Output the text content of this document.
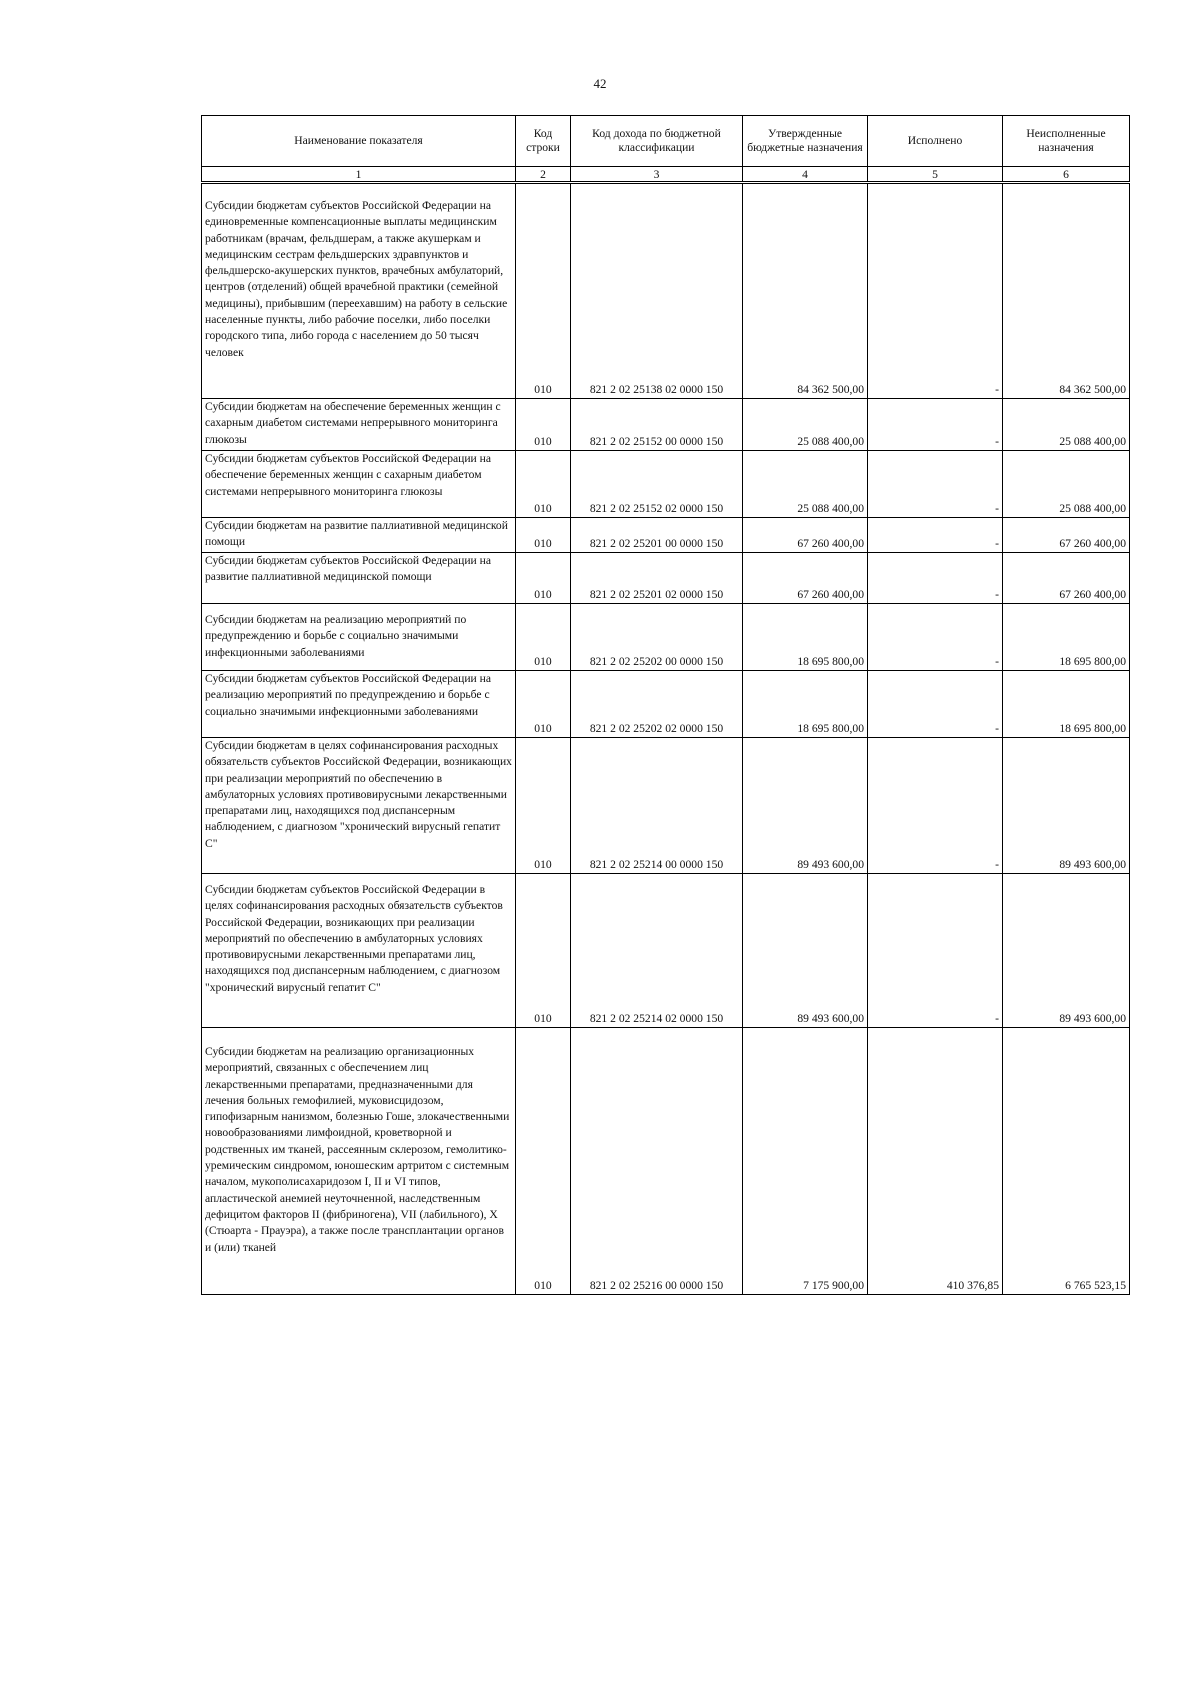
42
Наименование показателя	Код строки	Код дохода по бюджетной классификации	Утвержденные бюджетные назначения	Исполнено	Неисполненные назначения
1	2	3	4	5	6
Субсидии бюджетам субъектов Российской Федерации на единовременные компенсационные выплаты медицинским работникам (врачам, фельдшерам, а также акушеркам и медицинским сестрам фельдшерских здравпунктов и фельдшерско-акушерских пунктов, врачебных амбулаторий, центров (отделений) общей врачебной практики (семейной медицины), прибывшим (переехавшим) на работу в сельские населенные пункты, либо рабочие поселки, либо поселки городского типа, либо города с населением до 50 тысяч человек	010	821 2 02 25138 02 0000 150	84 362 500,00	-	84 362 500,00
Субсидии бюджетам на обеспечение беременных женщин с сахарным диабетом системами непрерывного мониторинга глюкозы	010	821 2 02 25152 00 0000 150	25 088 400,00	-	25 088 400,00
Субсидии бюджетам субъектов Российской Федерации на обеспечение беременных женщин с сахарным диабетом системами непрерывного мониторинга глюкозы	010	821 2 02 25152 02 0000 150	25 088 400,00	-	25 088 400,00
Субсидии бюджетам на развитие паллиативной медицинской помощи	010	821 2 02 25201 00 0000 150	67 260 400,00	-	67 260 400,00
Субсидии бюджетам субъектов Российской Федерации на развитие паллиативной медицинской помощи	010	821 2 02 25201 02 0000 150	67 260 400,00	-	67 260 400,00
Субсидии бюджетам на реализацию мероприятий по предупреждению и борьбе с социально значимыми инфекционными заболеваниями	010	821 2 02 25202 00 0000 150	18 695 800,00	-	18 695 800,00
Субсидии бюджетам субъектов Российской Федерации на реализацию мероприятий по предупреждению и борьбе с социально значимыми инфекционными заболеваниями	010	821 2 02 25202 02 0000 150	18 695 800,00	-	18 695 800,00
Субсидии бюджетам в целях софинансирования расходных обязательств субъектов Российской Федерации, возникающих при реализации мероприятий по обеспечению в амбулаторных условиях противовирусными лекарственными препаратами лиц, находящихся под диспансерным наблюдением, с диагнозом "хронический вирусный гепатит С"	010	821 2 02 25214 00 0000 150	89 493 600,00	-	89 493 600,00
Субсидии бюджетам субъектов Российской Федерации в целях софинансирования расходных обязательств субъектов Российской Федерации, возникающих при реализации мероприятий по обеспечению в амбулаторных условиях противовирусными лекарственными препаратами лиц, находящихся под диспансерным наблюдением, с диагнозом "хронический вирусный гепатит С"	010	821 2 02 25214 02 0000 150	89 493 600,00	-	89 493 600,00
Субсидии бюджетам на реализацию организационных мероприятий, связанных с обеспечением лиц лекарственными препаратами, предназначенными для лечения больных гемофилией, муковисцидозом, гипофизарным нанизмом, болезнью Гоше, злокачественными новообразованиями лимфоидной, кроветворной и родственных им тканей, рассеянным склерозом, гемолитико-уремическим синдромом, юношеским артритом с системным началом, мукополисахаридозом I, II и VI типов, апластической анемией неуточненной, наследственным дефицитом факторов II (фибриногена), VII (лабильного), X (Стюарта - Прауэра), а также после трансплантации органов и (или) тканей	010	821 2 02 25216 00 0000 150	7 175 900,00	410 376,85	6 765 523,15
